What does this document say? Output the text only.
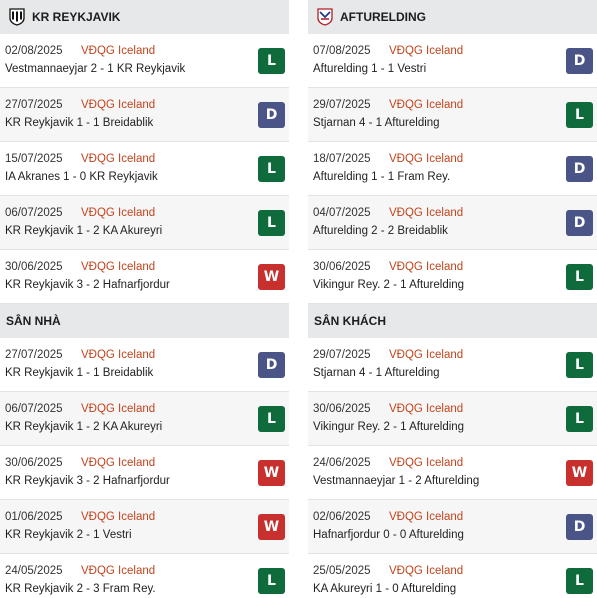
KR REYKJAVIK
02/08/2025 VĐQG Iceland
Vestmannaeyjar 2 - 1 KR Reykjavik	L
27/07/2025 VĐQG Iceland
KR Reykjavik 1 - 1 Breidablik	D
15/07/2025 VĐQG Iceland
IA Akranes 1 - 0 KR Reykjavik	L
06/07/2025 VĐQG Iceland
KR Reykjavik 1 - 2 KA Akureyri	L
30/06/2025 VĐQG Iceland
KR Reykjavik 3 - 2 Hafnarfjordur	W
SÂN NHÀ
27/07/2025 VĐQG Iceland
KR Reykjavik 1 - 1 Breidablik	D
06/07/2025 VĐQG Iceland
KR Reykjavik 1 - 2 KA Akureyri	L
30/06/2025 VĐQG Iceland
KR Reykjavik 3 - 2 Hafnarfjordur	W
01/06/2025 VĐQG Iceland
KR Reykjavik 2 - 1 Vestri	W
24/05/2025 VĐQG Iceland
KR Reykjavik 2 - 3 Fram Rey.	L
AFTURELDING
07/08/2025 VĐQG Iceland
Afturelding 1 - 1 Vestri	D
29/07/2025 VĐQG Iceland
Stjarnan 4 - 1 Afturelding	L
18/07/2025 VĐQG Iceland
Afturelding 1 - 1 Fram Rey.	D
04/07/2025 VĐQG Iceland
Afturelding 2 - 2 Breidablik	D
30/06/2025 VĐQG Iceland
Vikingur Rey. 2 - 1 Afturelding	L
SÂN KHÁCH
29/07/2025 VĐQG Iceland
Stjarnan 4 - 1 Afturelding	L
30/06/2025 VĐQG Iceland
Vikingur Rey. 2 - 1 Afturelding	L
24/06/2025 VĐQG Iceland
Vestmannaeyjar 1 - 2 Afturelding	W
02/06/2025 VĐQG Iceland
Hafnarfjordur 0 - 0 Afturelding	D
25/05/2025 VĐQG Iceland
KA Akureyri 1 - 0 Afturelding	L
